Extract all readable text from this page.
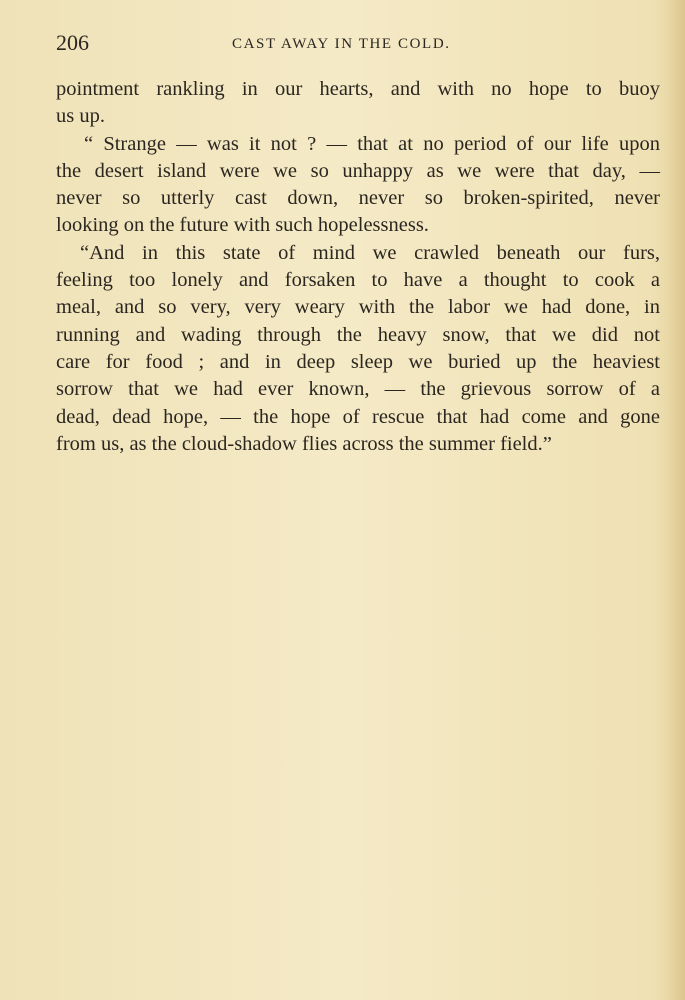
206	CAST AWAY IN THE COLD.
pointment rankling in our hearts, and with no hope to buoy
us up.
“ Strange — was it not ? — that at no period of our life upon
the desert island were we so unhappy as we were that day, —
never so utterly cast down, never so broken-spirited, never
looking on the future with such hopelessness.
“And in this state of mind we crawled beneath our furs,
feeling too lonely and forsaken to have a thought to cook a
meal, and so very, very weary with the labor we had done, in
running and wading through the heavy snow, that we did not
care for food ; and in deep sleep we buried up the heaviest
sorrow that we had ever known, — the grievous sorrow of a
dead, dead hope, — the hope of rescue that had come and gone
from us, as the cloud-shadow flies across the summer field.”
